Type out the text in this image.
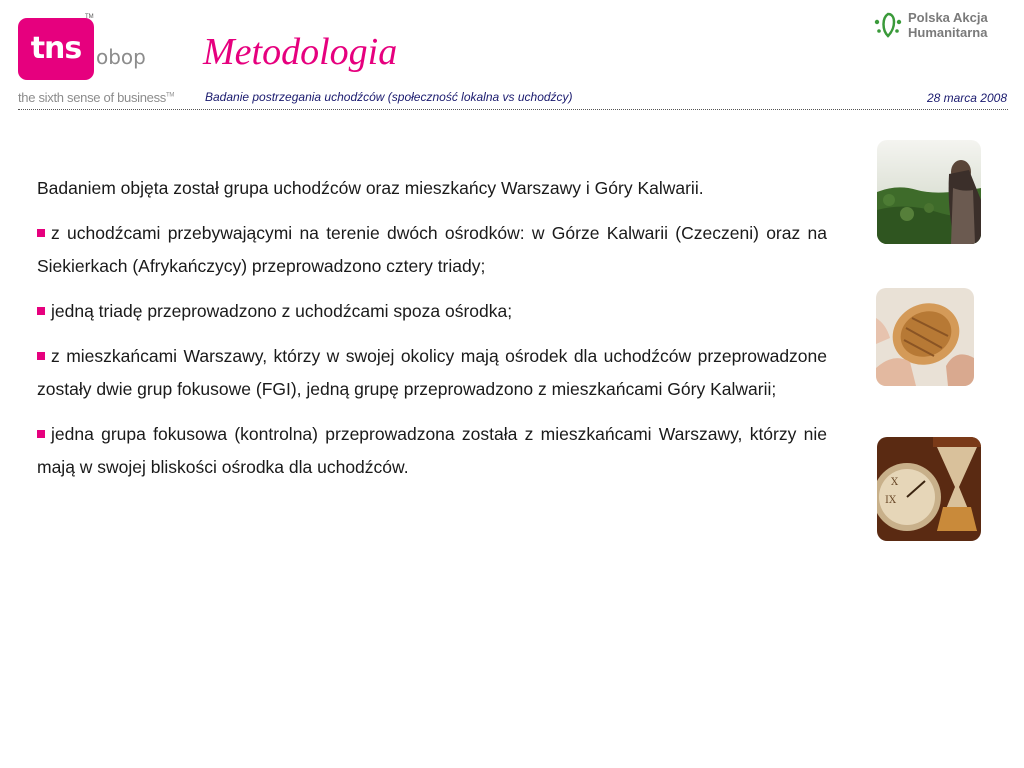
tns
TM
obop
the sixth sense of business™
Metodologia
Polska Akcja
Humanitarna
Badanie postrzegania uchodźców (społeczność lokalna vs uchodźcy)	28 marca 2008

Badaniem objęta został grupa uchodźców oraz mieszkańcy Warszawy i Góry Kalwarii.

z uchodźcami przebywającymi na terenie dwóch ośrodków: w Górze Kalwarii (Czeczeni) oraz na Siekierkach (Afrykańczycy) przeprowadzono cztery triady;

jedną triadę przeprowadzono z uchodźcami spoza ośrodka;

z mieszkańcami Warszawy, którzy w swojej okolicy mają ośrodek dla uchodźców przeprowadzone zostały dwie grup fokusowe (FGI), jedną grupę przeprowadzono z mieszkańcami Góry Kalwarii;

jedna grupa fokusowa (kontrolna) przeprowadzona została z mieszkańcami Warszawy, którzy nie mają w swojej bliskości ośrodka dla uchodźców.

X
IX
